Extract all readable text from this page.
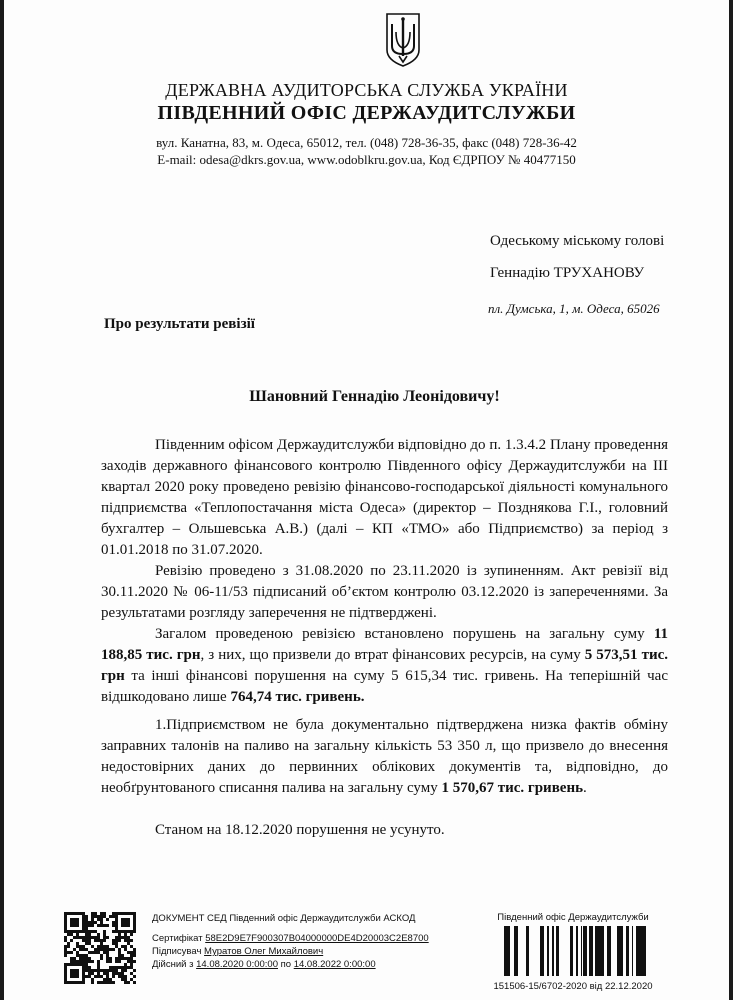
ДЕРЖАВНА АУДИТОРСЬКА СЛУЖБА УКРАЇНИ
ПІВДЕННИЙ ОФІС ДЕРЖАУДИТСЛУЖБИ
вул. Канатна, 83, м. Одеса, 65012, тел. (048) 728-36-35, факс (048) 728-36-42
E-mail: odesa@dkrs.gov.ua, www.odoblkru.gov.ua, Код ЄДРПОУ № 40477150
Одеському міському голові
Геннадію ТРУХАНОВУ
пл. Думська, 1, м. Одеса, 65026
Про результати ревізії
Шановний Геннадію Леонідовичу!

Південним офісом Держаудитслужби відповідно до п. 1.3.4.2 Плану проведення заходів державного фінансового контролю Південного офісу Держаудитслужби на ІІІ квартал 2020 року проведено ревізію фінансово-господарської діяльності комунального підприємства «Теплопостачання міста Одеса» (директор – Позднякова Г.І., головний бухгалтер – Ольшевська А.В.) (далі – КП «ТМО» або Підприємство) за період з 01.01.2018 по 31.07.2020.

Ревізію проведено з 31.08.2020 по 23.11.2020 із зупиненням. Акт ревізії від 30.11.2020 № 06-11/53 підписаний об’єктом контролю 03.12.2020 із запереченнями. За результатами розгляду заперечення не підтверджені.

Загалом проведеною ревізією встановлено порушень на загальну суму 11 188,85 тис. грн, з них, що призвели до втрат фінансових ресурсів, на суму 5 573,51 тис. грн та інші фінансові порушення на суму 5 615,34 тис. гривень. На теперішній час відшкодовано лише 764,74 тис. гривень.

1.Підприємством не була документально підтверджена низка фактів обміну заправних талонів на паливо на загальну кількість 53 350 л, що призвело до внесення недостовірних даних до первинних облікових документів та, відповідно, до необґрунтованого списання палива на загальну суму 1 570,67 тис. гривень.

Станом на 18.12.2020 порушення не усунуто.

ДОКУМЕНТ СЕД Південний офіс Держаудитслужби АСКОД
Сертифікат 58E2D9E7F900307B04000000DE4D20003C2E8700
Підписувач Муратов Олег Михайлович
Дійсний з 14.08.2020 0:00:00 по 14.08.2022 0:00:00
Південний офіс Держаудитслужби
151506-15/6702-2020 від 22.12.2020
